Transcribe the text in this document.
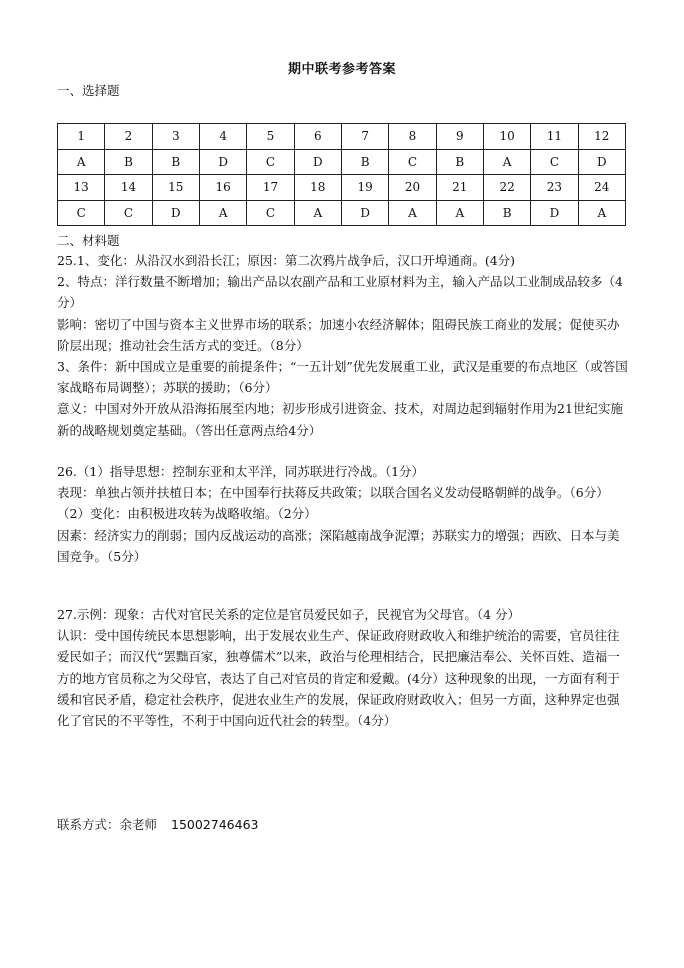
期中联考参考答案
一、选择题
1	2	3	4	5	6	7	8	9	10	11	12
A	B	B	D	C	D	B	C	B	A	C	D
13	14	15	16	17	18	19	20	21	22	23	24
C	C	D	A	C	A	D	A	A	B	D	A
二、材料题

25.1、变化：从沿汉水到沿长江；原因：第二次鸦片战争后，汉口开埠通商。(4分)

2、特点：洋行数量不断增加；输出产品以农副产品和工业原材料为主，输入产品以工业制成品较多（4分）

影响：密切了中国与资本主义世界市场的联系；加速小农经济解体；阻碍民族工商业的发展；促使买办阶层出现；推动社会生活方式的变迁。（8分）

3、条件：新中国成立是重要的前提条件；“一五计划”优先发展重工业，武汉是重要的布点地区（或答国家战略布局调整）；苏联的援助；（6分）

意义：中国对外开放从沿海拓展至内地；初步形成引进资金、技术，对周边起到辐射作用为21世纪实施新的战略规划奠定基础。（答出任意两点给4分）

26.（1）指导思想：控制东亚和太平洋，同苏联进行冷战。（1分）

表现：单独占领并扶植日本；在中国奉行扶蒋反共政策；以联合国名义发动侵略朝鲜的战争。（6分）

（2）变化：由积极进攻转为战略收缩。（2分）

因素：经济实力的削弱；国内反战运动的高涨；深陷越南战争泥潭；苏联实力的增强；西欧、日本与美国竞争。（5分）

27.示例：现象：古代对官民关系的定位是官员爱民如子，民视官为父母官。（4 分）

认识：受中国传统民本思想影响，出于发展农业生产、保证政府财政收入和维护统治的需要，官员往往爱民如子；而汉代“罢黜百家，独尊儒术”以来，政治与伦理相结合，民把廉洁奉公、关怀百姓、造福一方的地方官员称之为父母官，表达了自己对官员的肯定和爱戴。(4分）这种现象的出现，一方面有利于缓和官民矛盾，稳定社会秩序，促进农业生产的发展，保证政府财政收入；但另一方面，这种界定也强化了官民的不平等性，不利于中国向近代社会的转型。（4分）

联系方式：余老师 15002746463
